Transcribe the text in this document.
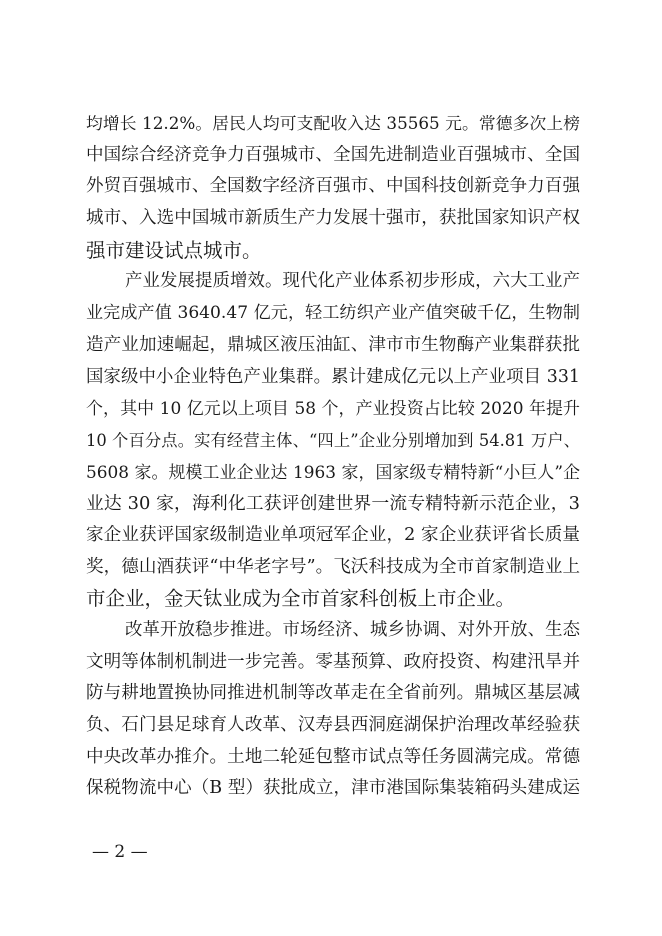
均增长 12.2%。居民人均可支配收入达 35565 元。常德多次上榜
中国综合经济竞争力百强城市、全国先进制造业百强城市、全国
外贸百强城市、全国数字经济百强市、中国科技创新竞争力百强
城市、入选中国城市新质生产力发展十强市，获批国家知识产权
强市建设试点城市。
产业发展提质增效。现代化产业体系初步形成，六大工业产
业完成产值 3640.47 亿元，轻工纺织产业产值突破千亿，生物制
造产业加速崛起，鼎城区液压油缸、津市市生物酶产业集群获批
国家级中小企业特色产业集群。累计建成亿元以上产业项目 331
个，其中 10 亿元以上项目 58 个，产业投资占比较 2020 年提升
10 个百分点。实有经营主体、“四上”企业分别增加到 54.81 万户、
5608 家。规模工业企业达 1963 家，国家级专精特新“小巨人”企
业达 30 家，海利化工获评创建世界一流专精特新示范企业，3
家企业获评国家级制造业单项冠军企业，2 家企业获评省长质量
奖，德山酒获评“中华老字号”。飞沃科技成为全市首家制造业上
市企业，金天钛业成为全市首家科创板上市企业。
改革开放稳步推进。市场经济、城乡协调、对外开放、生态
文明等体制机制进一步完善。零基预算、政府投资、构建汛旱并
防与耕地置换协同推进机制等改革走在全省前列。鼎城区基层减
负、石门县足球育人改革、汉寿县西洞庭湖保护治理改革经验获
中央改革办推介。土地二轮延包整市试点等任务圆满完成。常德
保税物流中心（B 型）获批成立，津市港国际集装箱码头建成运
— 2 —
